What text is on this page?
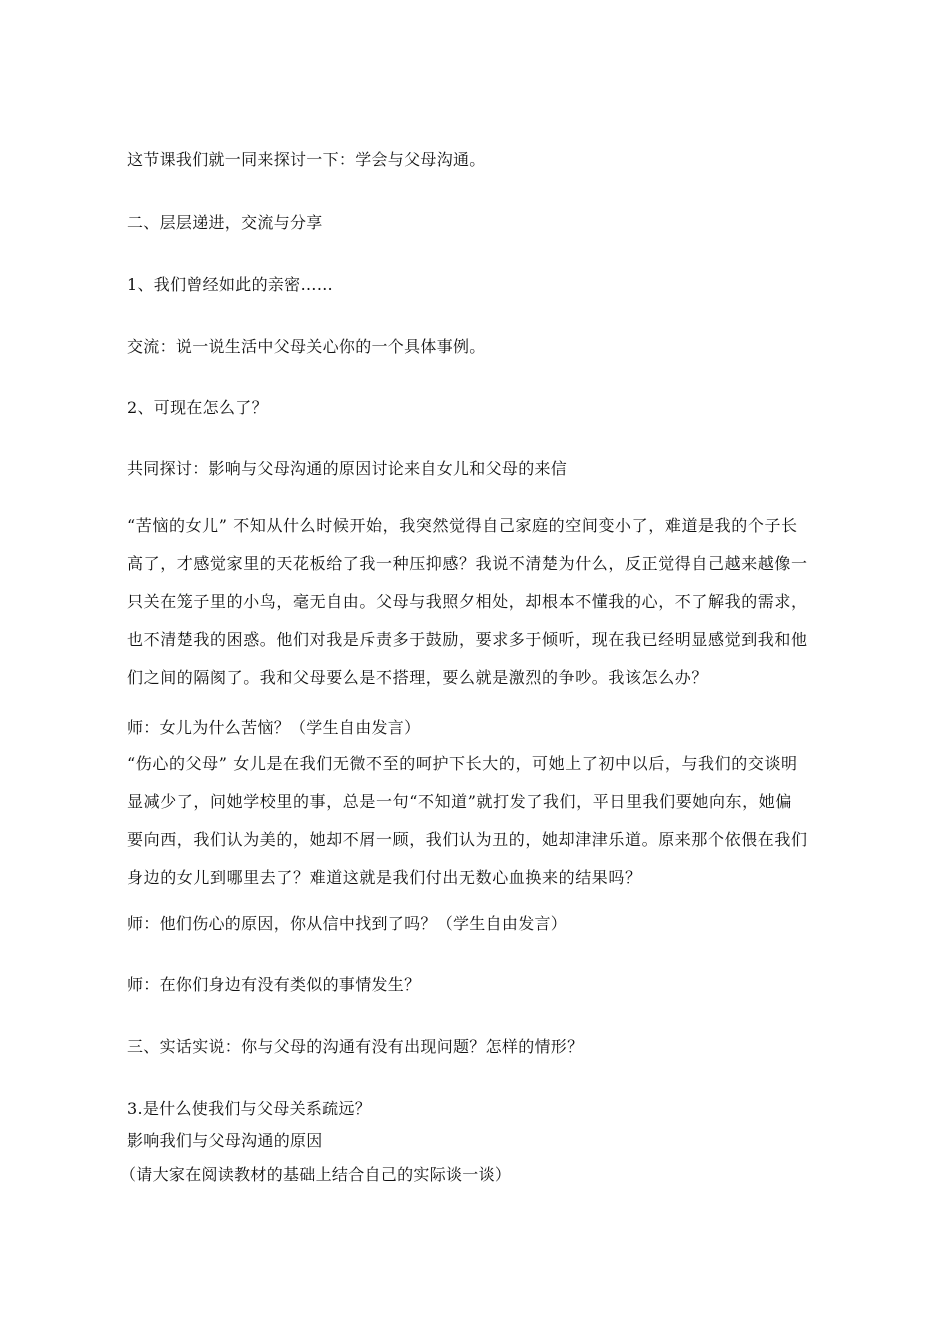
这节课我们就一同来探讨一下：学会与父母沟通。
二、层层递进，交流与分享
1、我们曾经如此的亲密……
交流：说一说生活中父母关心你的一个具体事例。
2、可现在怎么了？
共同探讨：影响与父母沟通的原因讨论来自女儿和父母的来信
“苦恼的女儿” 不知从什么时候开始，我突然觉得自己家庭的空间变小了，难道是我的个子长
高了，才感觉家里的天花板给了我一种压抑感？我说不清楚为什么，反正觉得自己越来越像一
只关在笼子里的小鸟，毫无自由。父母与我照夕相处，却根本不懂我的心，不了解我的需求，
也不清楚我的困惑。他们对我是斥责多于鼓励，要求多于倾听，现在我已经明显感觉到我和他
们之间的隔阂了。我和父母要么是不搭理，要么就是激烈的争吵。我该怎么办？
师：女儿为什么苦恼？（学生自由发言）
“伤心的父母” 女儿是在我们无微不至的呵护下长大的，可她上了初中以后，与我们的交谈明
显减少了，问她学校里的事，总是一句“不知道”就打发了我们，平日里我们要她向东，她偏
要向西，我们认为美的，她却不屑一顾，我们认为丑的，她却津津乐道。原来那个依偎在我们
身边的女儿到哪里去了？难道这就是我们付出无数心血换来的结果吗？
师：他们伤心的原因，你从信中找到了吗？（学生自由发言）
师：在你们身边有没有类似的事情发生？
三、实话实说：你与父母的沟通有没有出现问题？怎样的情形？
3.是什么使我们与父母关系疏远？
影响我们与父母沟通的原因
（请大家在阅读教材的基础上结合自己的实际谈一谈）
